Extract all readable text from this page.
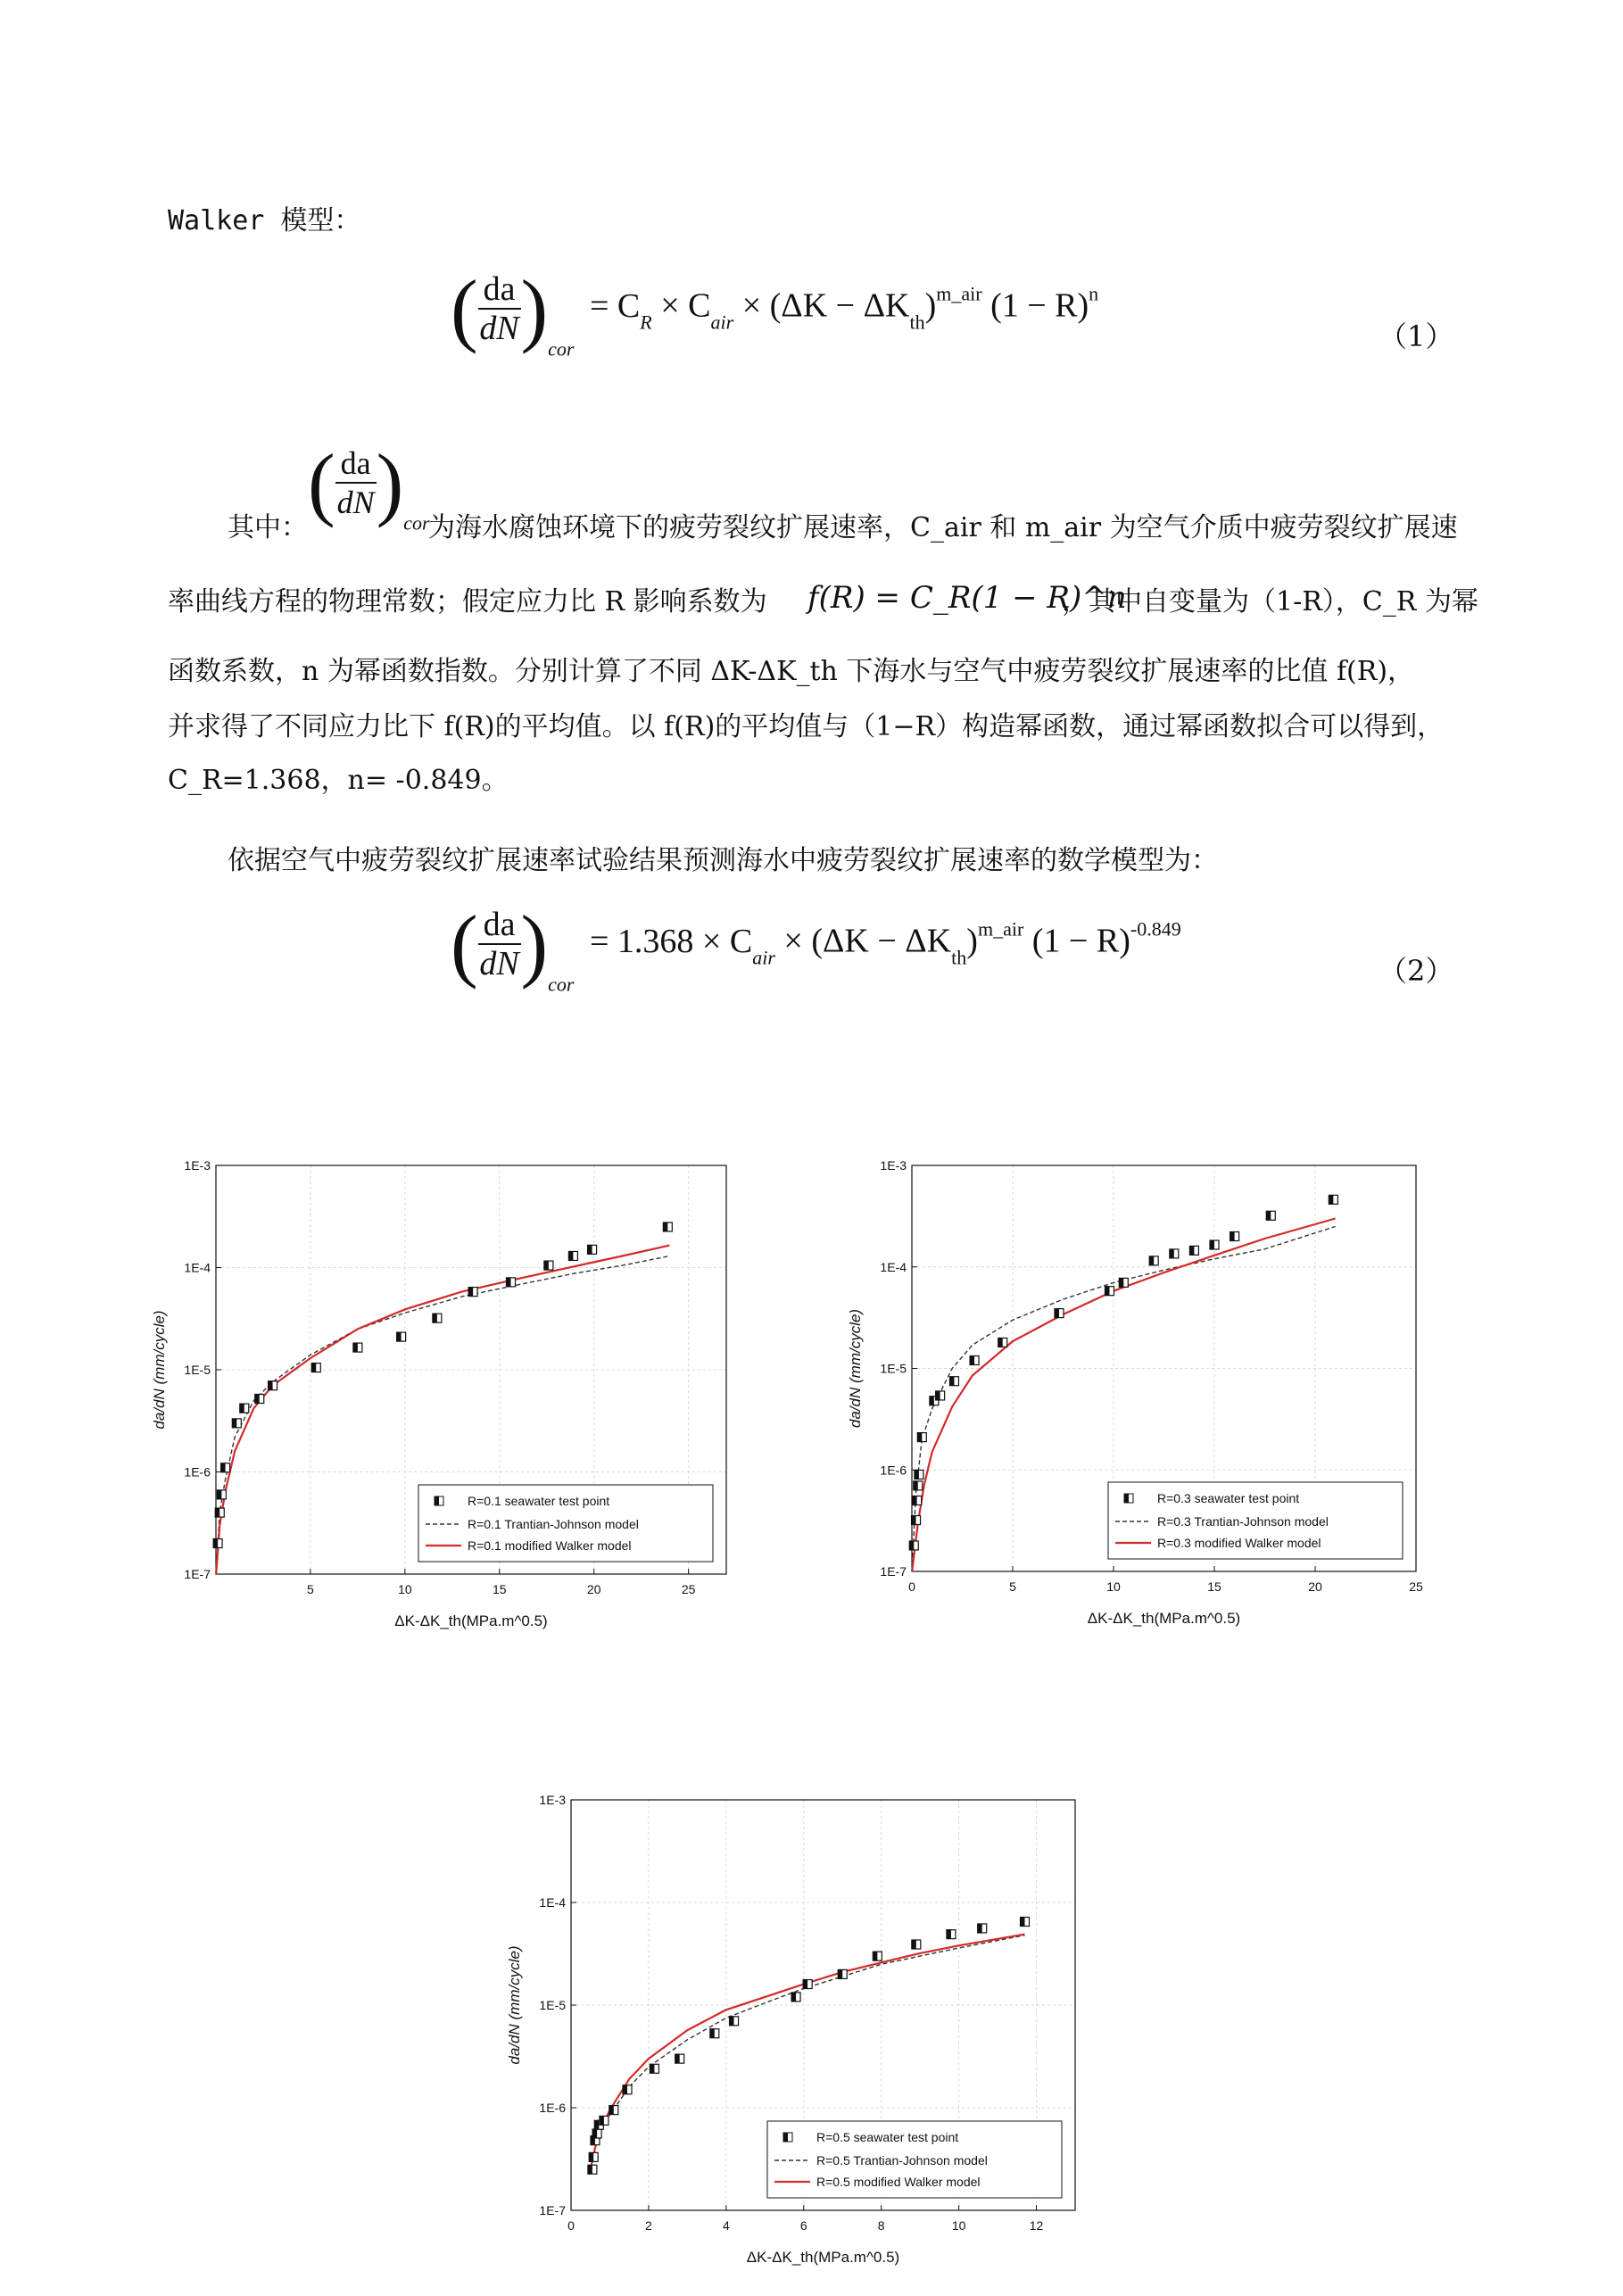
Walker 模型：
( $\frac{da}{dN} )_{cor} = C_R \times C_{air} \times (\Delta K - \Delta K_{th})^{m\_air}$ $(1 - R)^n$
（1）
( $\frac{da}{dN} )_{cor}$
其中：	为海水腐蚀环境下的疲劳裂纹扩展速率，C_air 和 m_air 为空气介质中疲劳裂纹扩展速
率曲线方程的物理常数；假定应力比 R 影响系数为 f(R) = C_R(1 − R)^n
，其中自变量为（1-R），C_R 为幂
函数系数，n 为幂函数指数。分别计算了不同 ΔK-ΔK_th 下海水与空气中疲劳裂纹扩展速率的比值 f(R)，
并求得了不同应力比下 f(R)的平均值。以 f(R)的平均值与（1−R）构造幂函数，通过幂函数拟合可以得到，
C_R=1.368，n= -0.849。
依据空气中疲劳裂纹扩展速率试验结果预测海水中疲劳裂纹扩展速率的数学模型为：
( $\frac{da}{dN} )_{cor} = 1.368 \times C_{air} \times (\Delta K - \Delta K_{th})^{m\_air}$ $(1 - R)^{-0.849}$
（2）
5	10	15	20	25
1E-7
1E-6
1E-5
1E-4
1E-3
ΔK-ΔK_th(MPa.m^0.5)
da/dN (mm/cycle)
R=0.1 seawater test point
R=0.1 Trantian-Johnson model
R=0.1 modified Walker model
0	5	10	15	20	25
1E-7
1E-6
1E-5
1E-4
1E-3
ΔK-ΔK_th(MPa.m^0.5)
da/dN (mm/cycle)
R=0.3 seawater test point
R=0.3 Trantian-Johnson model
R=0.3 modified Walker model
0	2	4	6	8	10	12
1E-7
1E-6
1E-5
1E-4
1E-3
ΔK-ΔK_th(MPa.m^0.5)
da/dN (mm/cycle)
R=0.5 seawater test point
R=0.5 Trantian-Johnson model
R=0.5 modified Walker model
